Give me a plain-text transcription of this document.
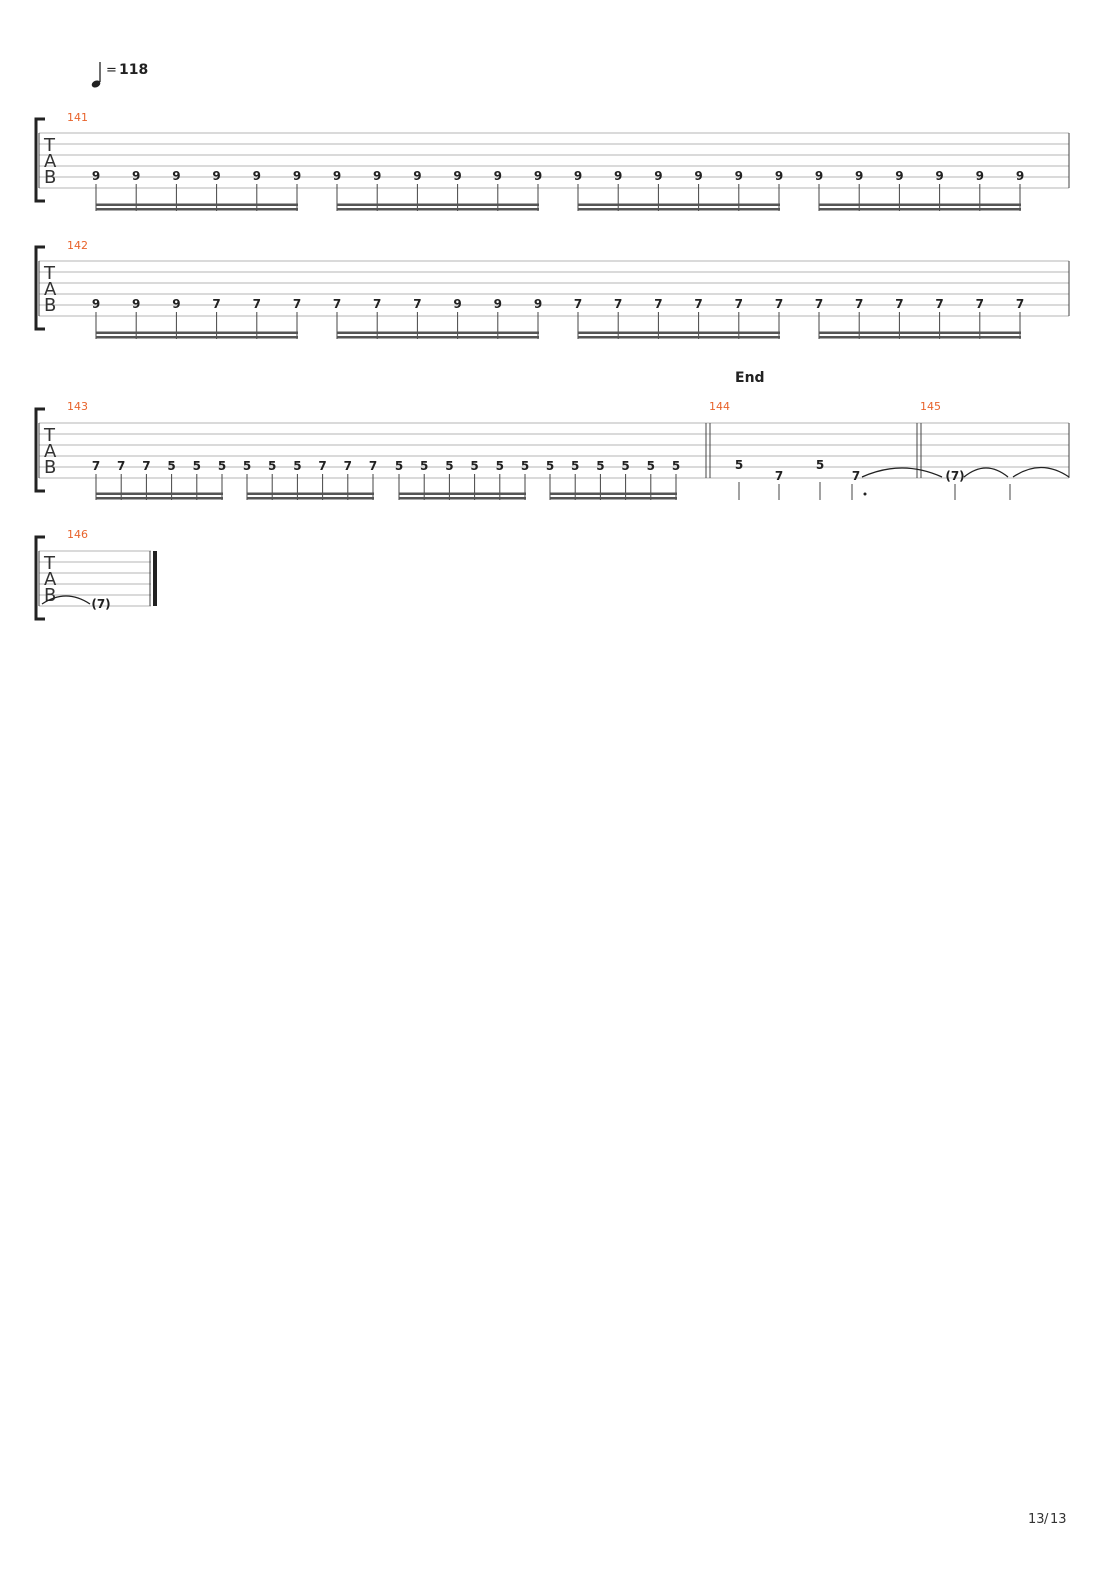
= 118
T
A
B
141
9	9	9	9	9	9	9	9	9	9	9	9	9	9	9	9	9	9	9	9	9	9	9	9
T
A
B
142
9	9	9	7	7	7	7	7	7	9	9	9	7	7	7	7	7	7	7	7	7	7	7	7
End
T
A
B
143	144	145
7 7 7 5 5 5 5 5 5 7 7 7 5 5 5 5 5 5 5 5 5 5 5 5	5
7
5
7	(7)
T
A
B
146
(7)
13 / 13
